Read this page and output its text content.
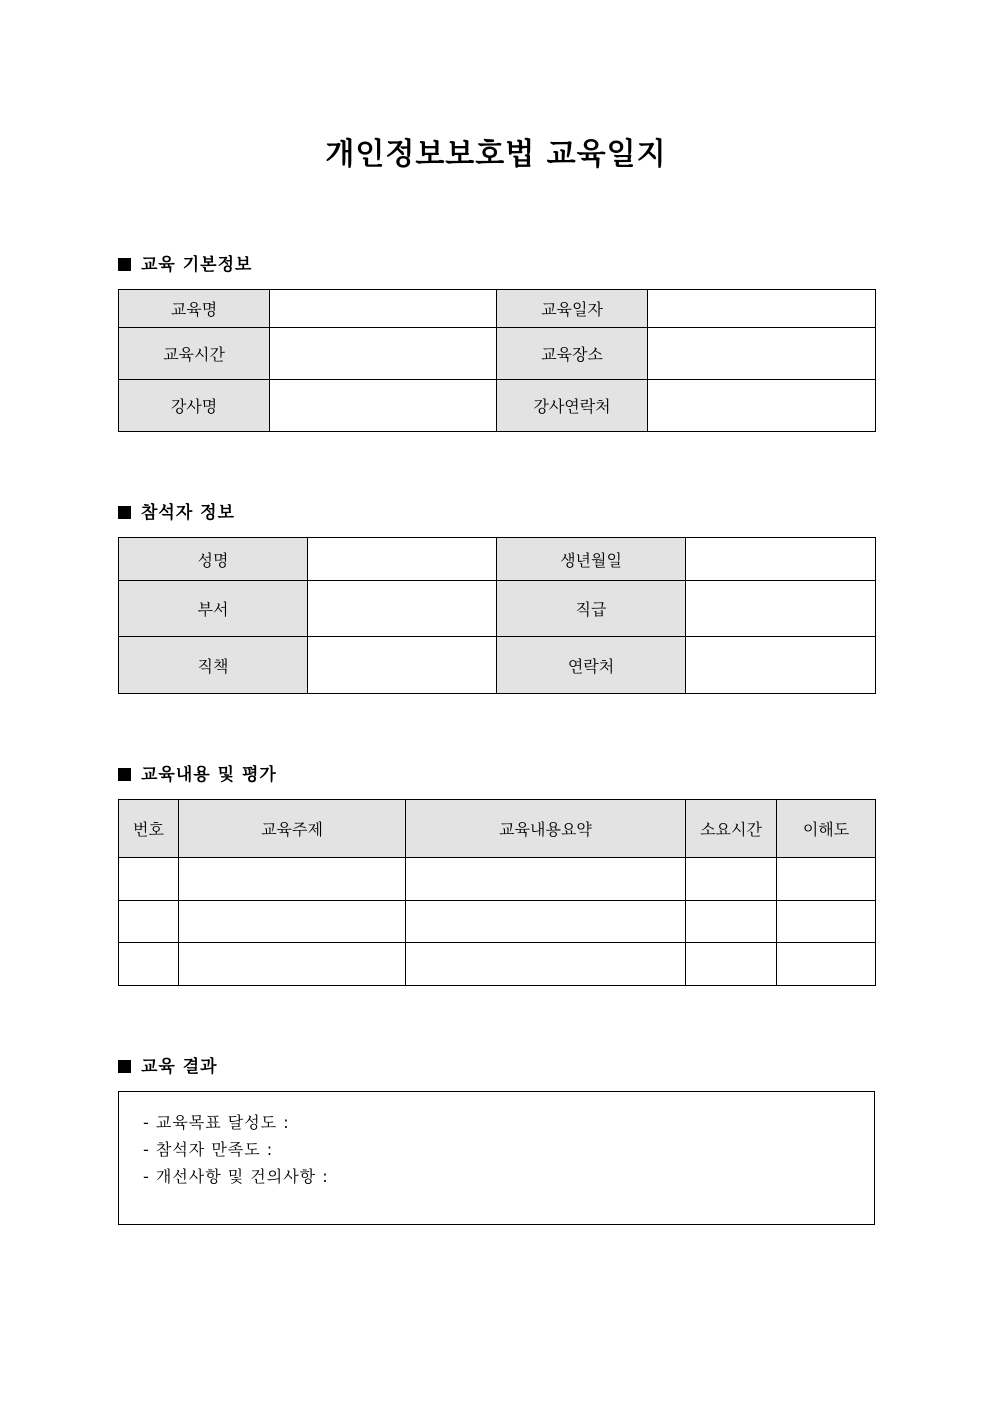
개인정보보호법 교육일지
교육 기본정보
교육명		교육일자	
교육시간		교육장소	
강사명		강사연락처	
참석자 정보
성명		생년월일	
부서		직급	
직책		연락처	
교육내용 및 평가
번호	교육주제	교육내용요약	소요시간	이해도

교육 결과
- 교육목표 달성도 :
- 참석자 만족도 :
- 개선사항 및 건의사항 :
